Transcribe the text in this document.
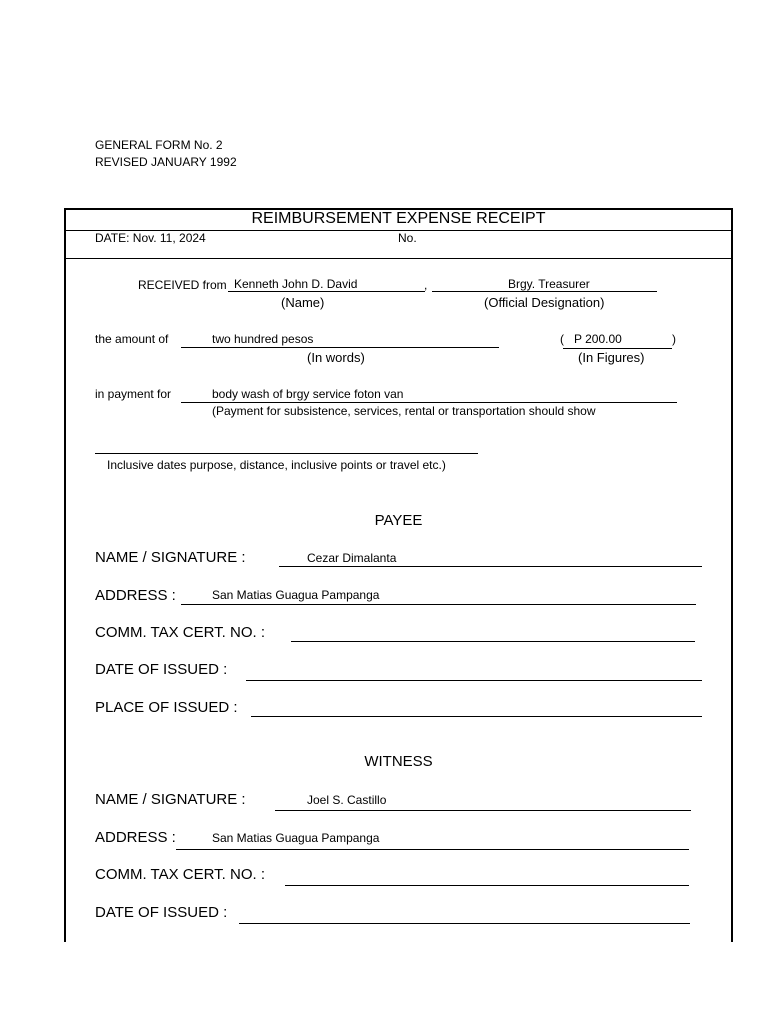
GENERAL FORM No. 2
REVISED JANUARY 1992
REIMBURSEMENT EXPENSE RECEIPT
DATE: Nov. 11, 2024	No.
RECEIVED from Kenneth John D. David	,	Brgy. Treasurer
(Name)	(Official Designation)
the amount of	two hundred pesos	( P 200.00	)
(In words)	(In Figures)
in payment for	body wash of brgy service foton van
(Payment for subsistence, services, rental or transportation should show
Inclusive dates purpose, distance, inclusive points or travel etc.)
PAYEE
NAME / SIGNATURE :	Cezar Dimalanta
ADDRESS :	San Matias Guagua Pampanga
COMM. TAX CERT. NO. :
DATE OF ISSUED :
PLACE OF ISSUED :
WITNESS
NAME / SIGNATURE :	Joel S. Castillo
ADDRESS :	San Matias Guagua Pampanga
COMM. TAX CERT. NO. :
DATE OF ISSUED :
